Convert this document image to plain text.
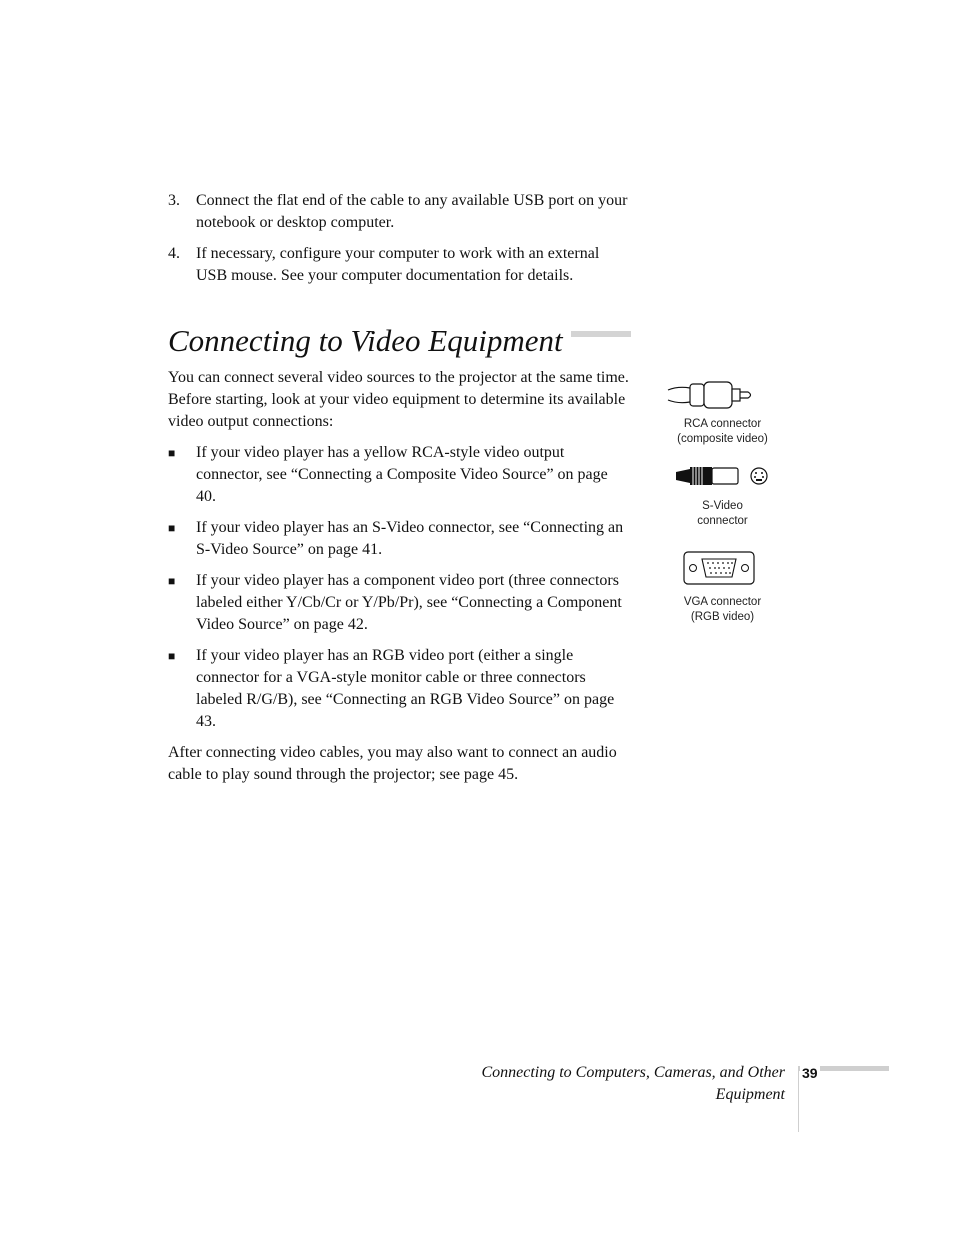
3.	Connect the flat end of the cable to any available USB port on your notebook or desktop computer.
4.	If necessary, configure your computer to work with an external USB mouse. See your computer documentation for details.
Connecting to Video Equipment

You can connect several video sources to the projector at the same time. Before starting, look at your video equipment to determine its available video output connections:

■	If your video player has a yellow RCA-style video output connector, see “Connecting a Composite Video Source” on page 40.
■	If your video player has an S-Video connector, see “Connecting an S-Video Source” on page 41.
■	If your video player has a component video port (three connectors labeled either Y/Cb/Cr or Y/Pb/Pr), see “Connecting a Component Video Source” on page 42.
■	If your video player has an RGB video port (either a single connector for a VGA-style monitor cable or three connectors labeled R/G/B), see “Connecting an RGB Video Source” on page 43.

After connecting video cables, you may also want to connect an audio cable to play sound through the projector; see page 45.

RCA connector
(composite video)
S-Video
connector
VGA connector
(RGB video)
Connecting to Computers, Cameras, and Other Equipment
39
